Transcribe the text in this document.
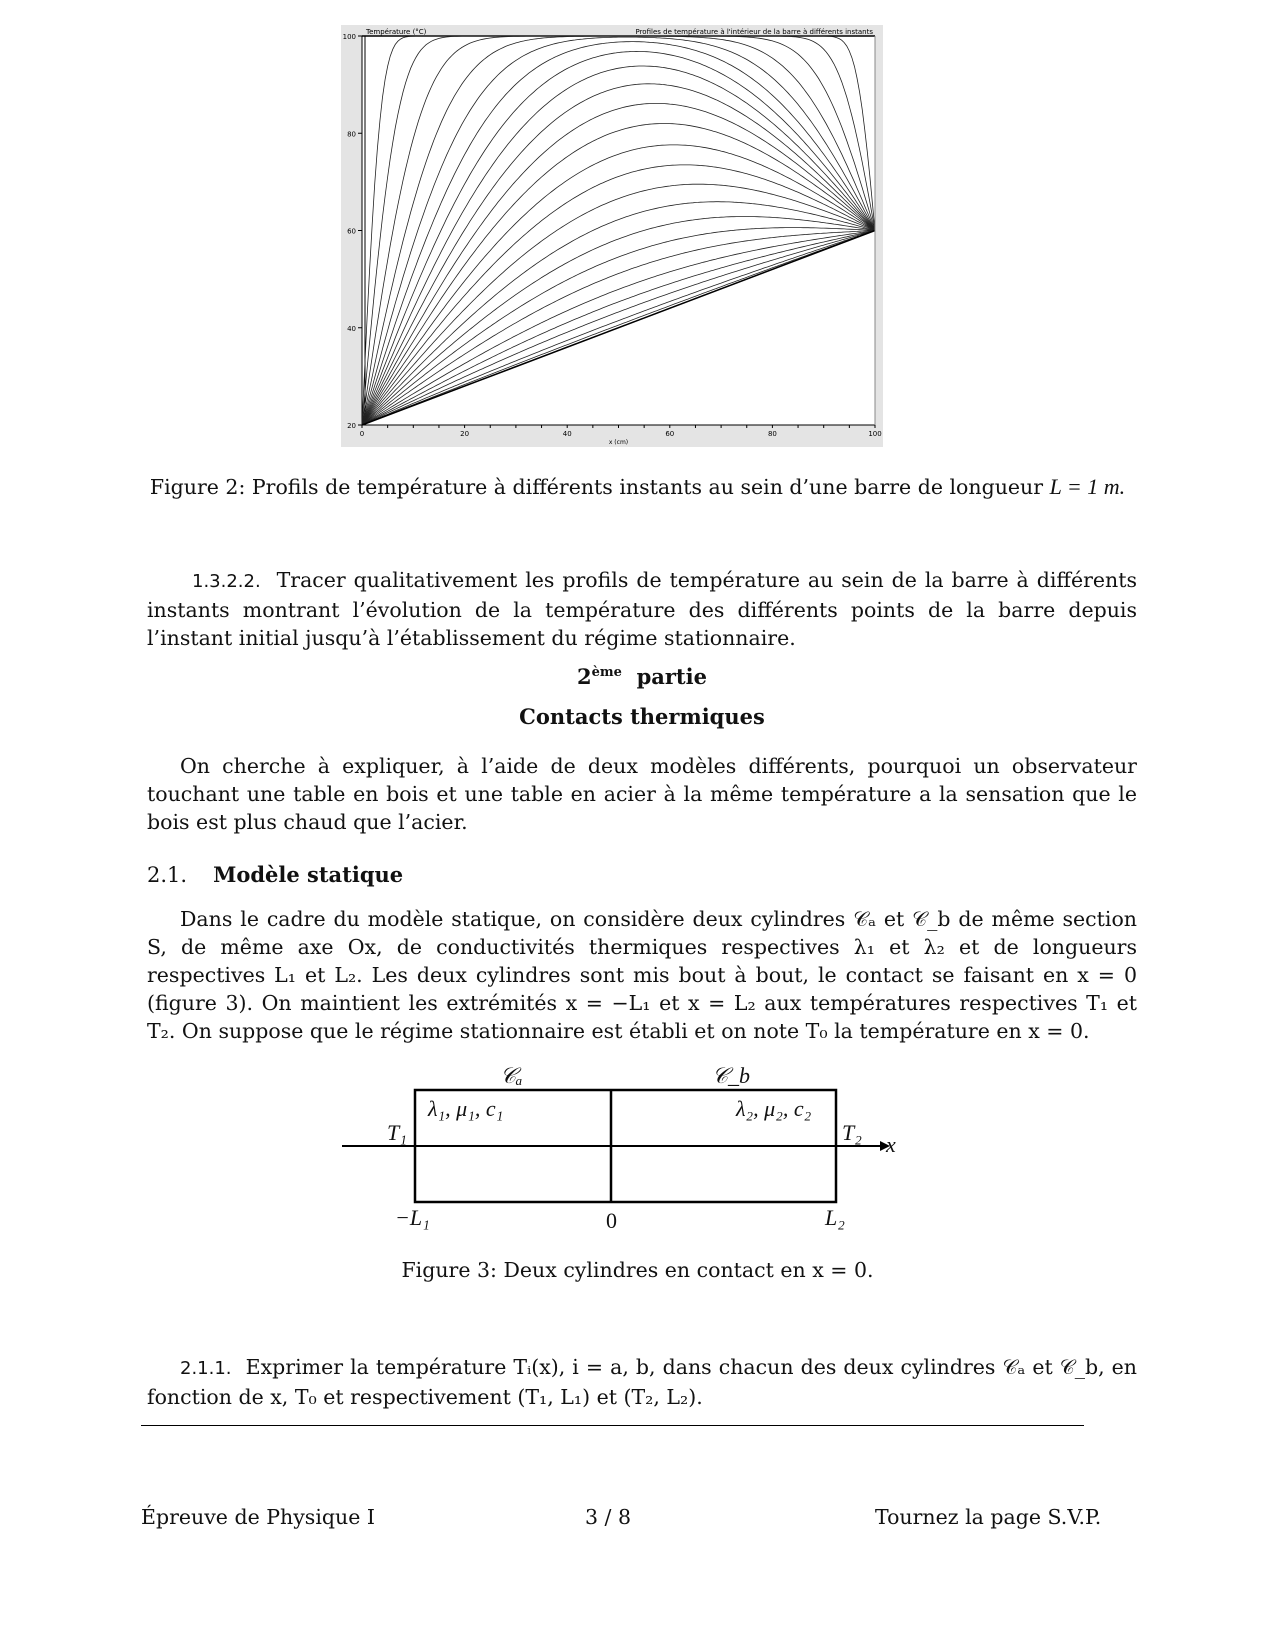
20
40
60
80
100
0	20	40	60	80	100
x (cm)
Température (°C)	Profiles de température à l'intérieur de la barre à différents instants
Figure 2: Profils de température à différents instants au sein d’une barre de longueur L = 1 m.
1.3.2.2. Tracer qualitativement les profils de température au sein de la barre à différents instants montrant l’évolution de la température des différents points de la barre depuis l’instant initial jusqu’à l’établissement du régime stationnaire.
2ème partie
Contacts thermiques
On cherche à expliquer, à l’aide de deux modèles différents, pourquoi un observateur touchant une table en bois et une table en acier à la même température a la sensation que le bois est plus chaud que l’acier.
2.1. Modèle statique
Dans le cadre du modèle statique, on considère deux cylindres 𝒞ₐ et 𝒞_b de même section S, de même axe Ox, de conductivités thermiques respectives λ₁ et λ₂ et de longueurs respectives L₁ et L₂. Les deux cylindres sont mis bout à bout, le contact se faisant en x = 0 (figure 3). On maintient les extrémités x = −L₁ et x = L₂ aux températures respectives T₁ et T₂. On suppose que le régime stationnaire est établi et on note T₀ la température en x = 0.
𝒞ₐ	𝒞_b
λ₁, μ₁, c₁	λ₂, μ₂, c₂
T₁	T₂ x
−L₁	0	L₂
Figure 3: Deux cylindres en contact en x = 0.
2.1.1. Exprimer la température Tᵢ(x), i = a, b, dans chacun des deux cylindres 𝒞ₐ et 𝒞_b, en fonction de x, T₀ et respectivement (T₁, L₁) et (T₂, L₂).
Épreuve de Physique I	3 / 8	Tournez la page S.V.P.
